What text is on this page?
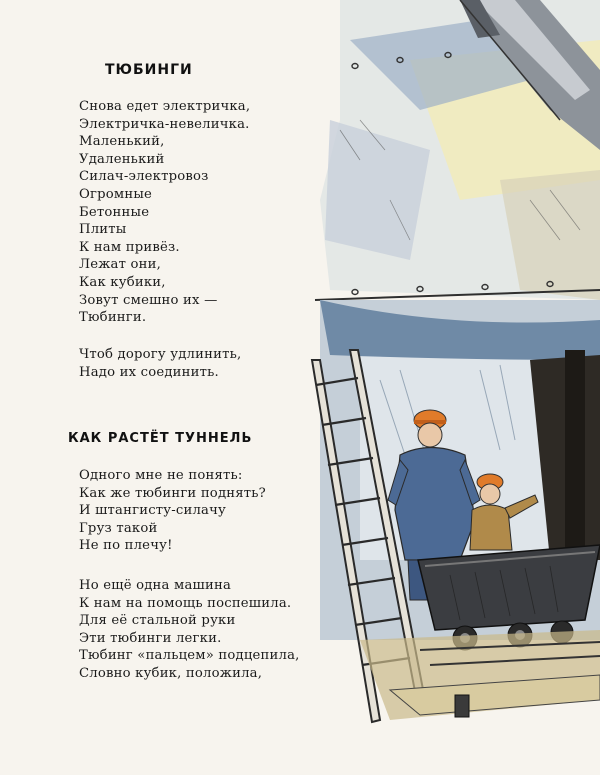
ТЮБИНГИ
Снова едет электричка,
Электричка-невеличка.
Маленький,
Удаленький
Силач-электровоз
Огромные
Бетонные
Плиты
К нам привёз.
Лежат они,
Как кубики,
Зовут смешно их —
Тюбинги.
Чтоб дорогу удлинить,
Надо их соединить.
КАК РАСТЁТ ТУННЕЛЬ
Одного мне не понять:
Как же тюбинги поднять?
И штангисту-силачу
Груз такой
Не по плечу!
Но ещё одна машина
К нам на помощь поспешила.
Для её стальной руки
Эти тюбинги легки.
Тюбинг «пальцем» подцепила,
Словно кубик, положила,
